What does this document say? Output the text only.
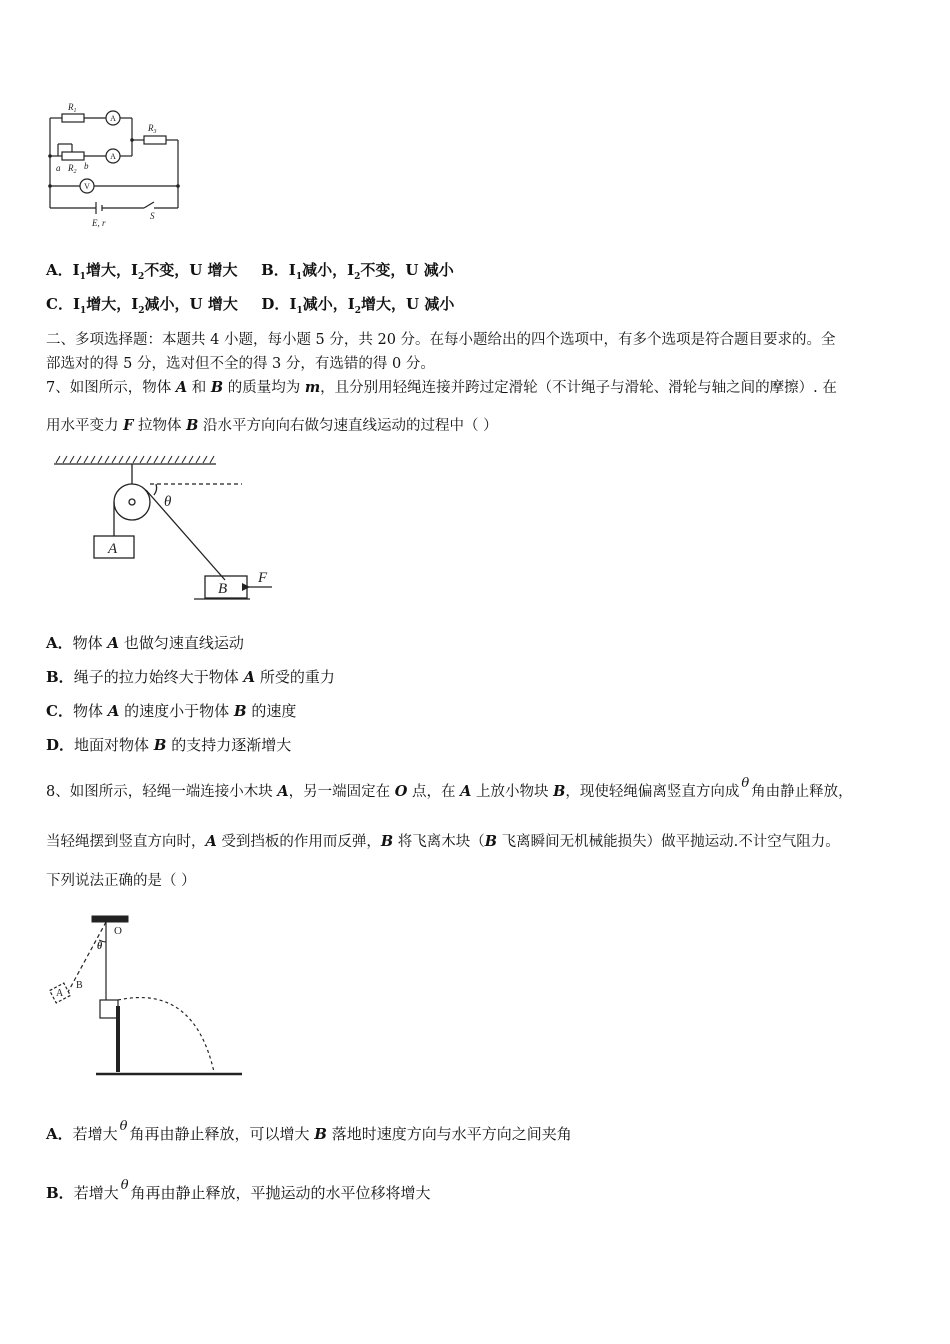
$R_1$
$R_3$
$R_2$
a	b
E, r
S
A
A
V
A．$I_1$增大，$I_2$不变，U 增大 B．$I_1$减小，$I_2$不变，U 减小
C．$I_1$增大，$I_2$减小，U 增大 D．$I_1$减小，$I_2$增大，U 减小
二、多项选择题：本题共 4 小题，每小题 5 分，共 20 分。在每小题给出的四个选项中，有多个选项是符合题目要求的。全
部选对的得 5 分，选对但不全的得 3 分，有选错的得 0 分。
7、如图所示，物体 A 和 B 的质量均为 m，且分别用轻绳连接并跨过定滑轮（不计绳子与滑轮、滑轮与轴之间的摩擦）. 在
用水平变力 F 拉物体 B 沿水平方向向右做匀速直线运动的过程中（ ）
θ
A
B
F
A．物体 A 也做匀速直线运动
B．绳子的拉力始终大于物体 A 所受的重力
C．物体 A 的速度小于物体 B 的速度
D．地面对物体 B 的支持力逐渐增大
8、如图所示，轻绳一端连接小木块 A，另一端固定在 O 点，在 A 上放小物块 B，现使轻绳偏离竖直方向成θ角由静止释放，
当轻绳摆到竖直方向时，A 受到挡板的作用而反弹，B 将飞离木块（B 飞离瞬间无机械能损失）做平抛运动.不计空气阻力。
下列说法正确的是（ ）
O
θ
A
B
A．若增大 θ 角再由静止释放，可以增大 B 落地时速度方向与水平方向之间夹角
B．若增大 θ 角再由静止释放，平抛运动的水平位移将增大
